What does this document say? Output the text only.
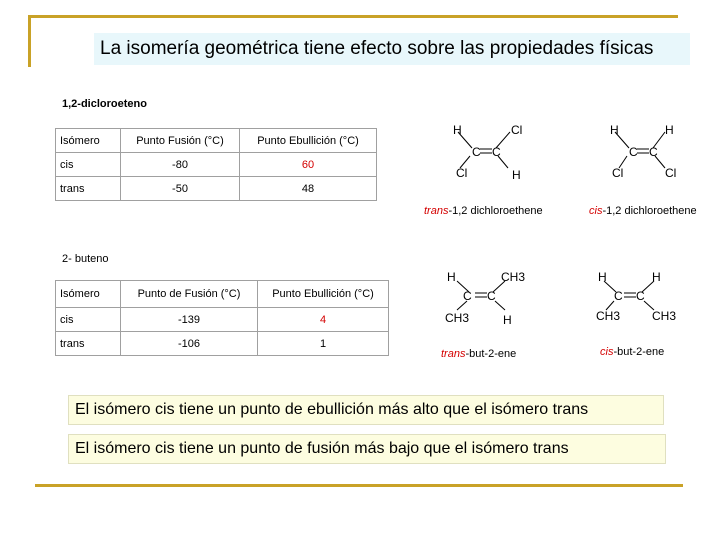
La isomería geométrica tiene efecto sobre las propiedades físicas
1,2-dicloroeteno
Isómero	Punto Fusión (°C)	Punto Ebullición (°C)
cis	-80	60
trans	-50	48
2- buteno
Isómero	Punto de Fusión (°C)	Punto Ebullición (°C)
cis	-139	4
trans	-106	1
H	Cl
C C
Cl	H
trans-1,2 dichloroethene
H	H
C C
Cl	Cl
cis-1,2 dichloroethene
H	CH3
C C
CH3	H
trans-but-2-ene
H	H
C C
CH3	CH3
cis-but-2-ene
El isómero cis tiene un punto de ebullición más alto que el isómero trans
El isómero cis tiene un punto de fusión más bajo que el isómero trans
